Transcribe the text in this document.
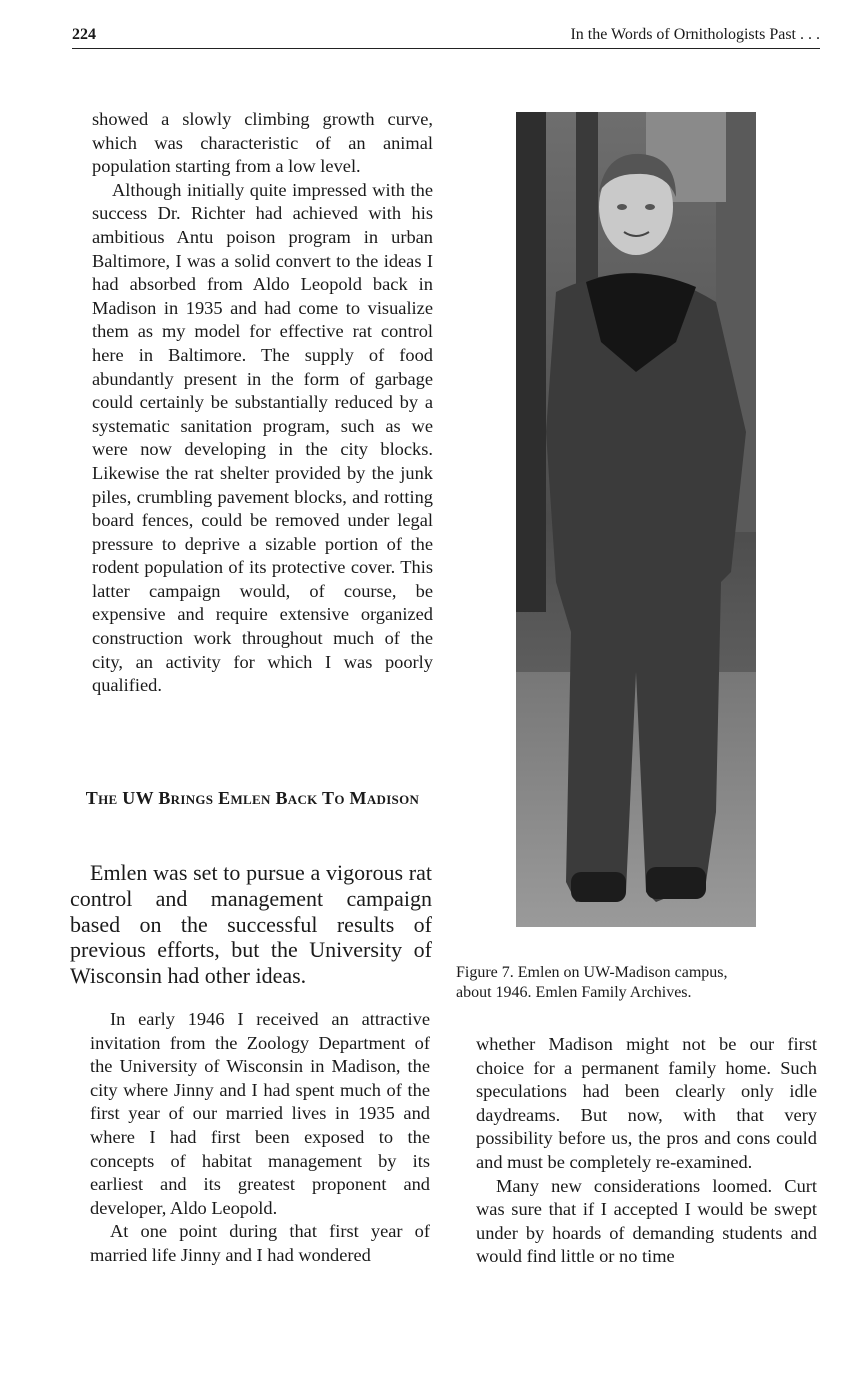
224	In the Words of Ornithologists Past . . .

showed a slowly climbing growth curve, which was characteristic of an animal population starting from a low level.

Although initially quite impressed with the success Dr. Richter had achieved with his ambitious Antu poison program in urban Baltimore, I was a solid convert to the ideas I had absorbed from Aldo Leopold back in Madison in 1935 and had come to visualize them as my model for effective rat control here in Baltimore. The supply of food abundantly present in the form of garbage could certainly be substantially reduced by a systematic sanitation program, such as we were now developing in the city blocks. Likewise the rat shelter provided by the junk piles, crumbling pavement blocks, and rotting board fences, could be removed under legal pressure to deprive a sizable portion of the rodent population of its protective cover. This latter campaign would, of course, be expensive and require extensive organized construction work throughout much of the city, an activity for which I was poorly qualified.

The UW Brings Emlen Back To Madison

Emlen was set to pursue a vigorous rat control and management campaign based on the successful results of previous efforts, but the University of Wisconsin had other ideas.

In early 1946 I received an attractive invitation from the Zoology Department of the University of Wisconsin in Madison, the city where Jinny and I had spent much of the first year of our married lives in 1935 and where I had first been exposed to the concepts of habitat management by its earliest and its greatest proponent and developer, Aldo Leopold.

At one point during that first year of married life Jinny and I had wondered

Figure 7. Emlen on UW-Madison campus,
about 1946. Emlen Family Archives.

whether Madison might not be our first choice for a permanent family home. Such speculations had been clearly only idle daydreams. But now, with that very possibility before us, the pros and cons could and must be completely re-examined.

Many new considerations loomed. Curt was sure that if I accepted I would be swept under by hoards of demanding students and would find little or no time
